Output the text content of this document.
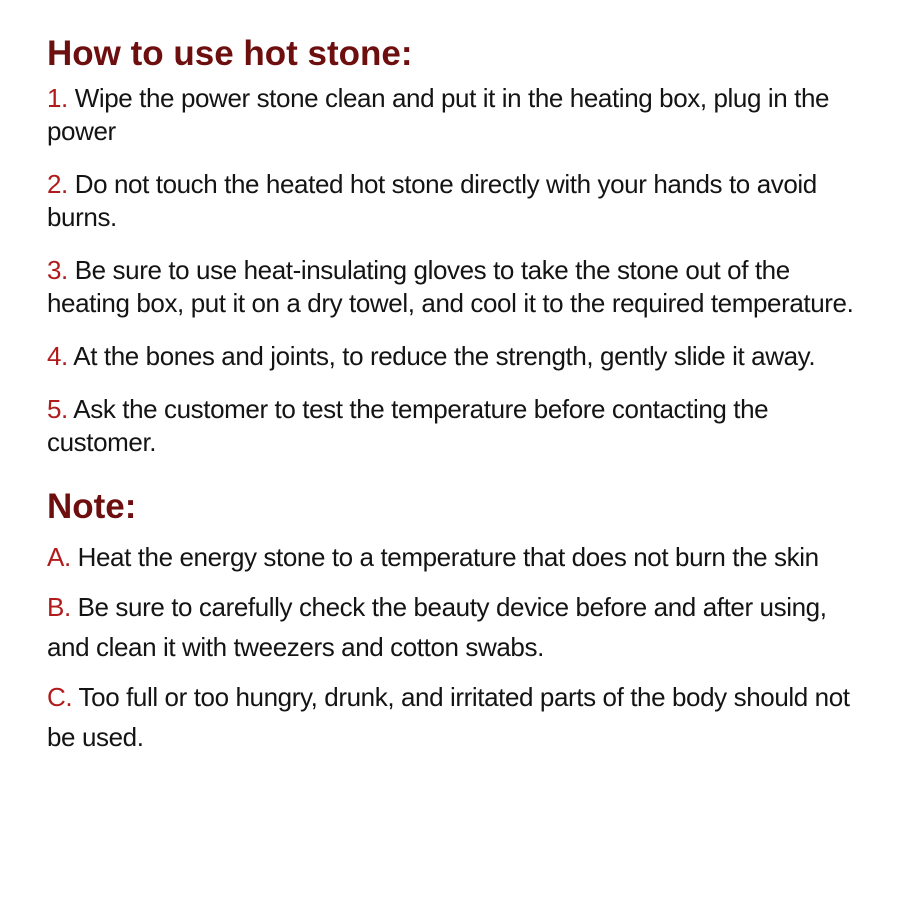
How to use hot stone:
1. Wipe the power stone clean and put it in the heating box, plug in the power
2. Do not touch the heated hot stone directly with your hands to avoid burns.
3. Be sure to use heat-insulating gloves to take the stone out of the heating box, put it on a dry towel, and cool it to the required temperature.
4. At the bones and joints, to reduce the strength, gently slide it away.
5. Ask the customer to test the temperature before contacting the customer.
Note:
A. Heat the energy stone to a temperature that does not burn the skin
B. Be sure to carefully check the beauty device before and after using, and clean it with tweezers and cotton swabs.
C. Too full or too hungry, drunk, and irritated parts of the body should not be used.
